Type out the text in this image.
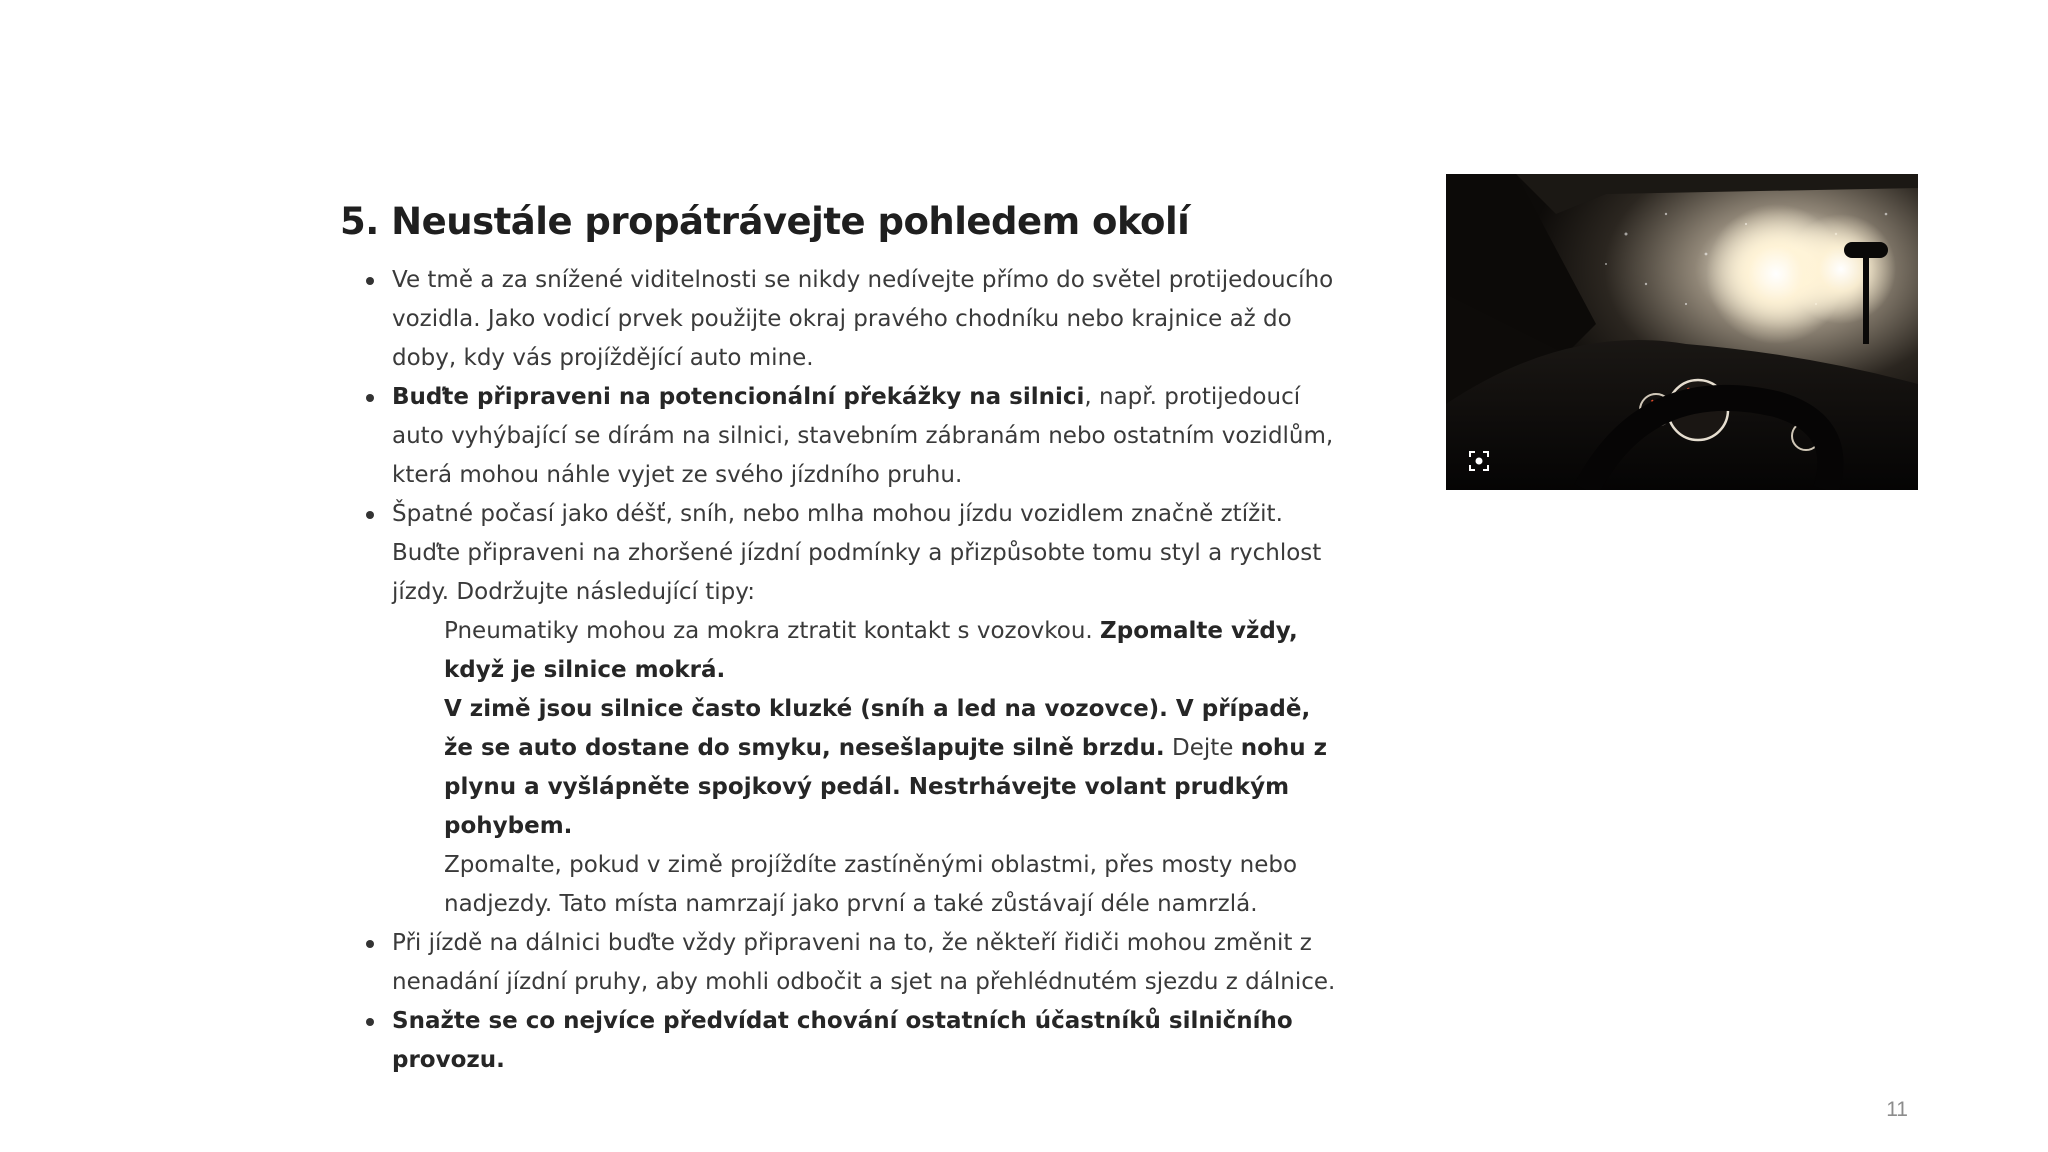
5. Neustále propátrávejte pohledem okolí
Ve tmě a za snížené viditelnosti se nikdy nedívejte přímo do světel protijedoucího vozidla. Jako vodicí prvek použijte okraj pravého chodníku nebo krajnice až do doby, kdy vás projíždějící auto mine.
Buďte připraveni na potencionální překážky na silnici, např. protijedoucí auto vyhýbající se dírám na silnici, stavebním zábranám nebo ostatním vozidlům, která mohou náhle vyjet ze svého jízdního pruhu.
Špatné počasí jako déšť, sníh, nebo mlha mohou jízdu vozidlem značně ztížit. Buďte připraveni na zhoršené jízdní podmínky a přizpůsobte tomu styl a rychlost jízdy. Dodržujte následující tipy:

Pneumatiky mohou za mokra ztratit kontakt s vozovkou. Zpomalte vždy, když je silnice mokrá.

V zimě jsou silnice často kluzké (sníh a led na vozovce). V případě, že se auto dostane do smyku, nesešlapujte silně brzdu. Dejte nohu z plynu a vyšlápněte spojkový pedál. Nestrhávejte volant prudkým pohybem.

Zpomalte, pokud v zimě projíždíte zastíněnými oblastmi, přes mosty nebo nadjezdy. Tato místa namrzají jako první a také zůstávají déle namrzlá.

Při jízdě na dálnici buďte vždy připraveni na to, že někteří řidiči mohou změnit z nenadání jízdní pruhy, aby mohli odbočit a sjet na přehlédnutém sjezdu z dálnice.
Snažte se co nejvíce předvídat chování ostatních účastníků silničního provozu.
11
